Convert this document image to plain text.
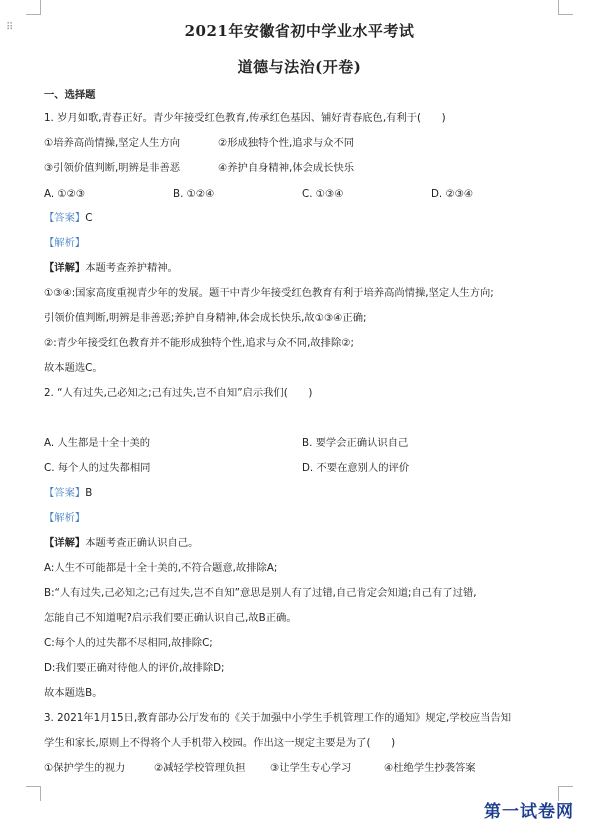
⠿	2021年安徽省初中学业水平考试
道德与法治(开卷)
一、选择题
1. 岁月如歌,青春正好。青少年接受红色教育,传承红色基因、铺好青春底色,有利于(　　)
①培养高尚情操,坚定人生方向	②形成独特个性,追求与众不同
③引领价值判断,明辨是非善恶	④养护自身精神,体会成长快乐
A. ①②③	B. ①②④	C. ①③④	D. ②③④
【答案】C
【解析】
【详解】本题考查养护精神。
①③④:国家高度重视青少年的发展。题干中青少年接受红色教育有利于培养高尚情操,坚定人生方向;
引领价值判断,明辨是非善恶;养护自身精神,体会成长快乐,故①③④正确;
②:青少年接受红色教育并不能形成独特个性,追求与众不同,故排除②;
故本题选C。
2. “人有过失,己必知之;己有过失,岂不自知”启示我们(　　)
A. 人生都是十全十美的	B. 要学会正确认识自己
C. 每个人的过失都相同	D. 不要在意别人的评价
【答案】B
【解析】
【详解】本题考查正确认识自己。
A:人生不可能都是十全十美的,不符合题意,故排除A;
B:“人有过失,己必知之;己有过失,岂不自知”意思是别人有了过错,自己肯定会知道;自己有了过错,
怎能自己不知道呢?启示我们要正确认识自己,故B正确。
C:每个人的过失都不尽相同,故排除C;
D:我们要正确对待他人的评价,故排除D;
故本题选B。
3. 2021年1月15日,教育部办公厅发布的《关于加强中小学生手机管理工作的通知》规定,学校应当告知
学生和家长,原则上不得将个人手机带入校园。作出这一规定主要是为了(　　)
①保护学生的视力	②减轻学校管理负担 ③让学生专心学习	④杜绝学生抄袭答案
第一试卷网
